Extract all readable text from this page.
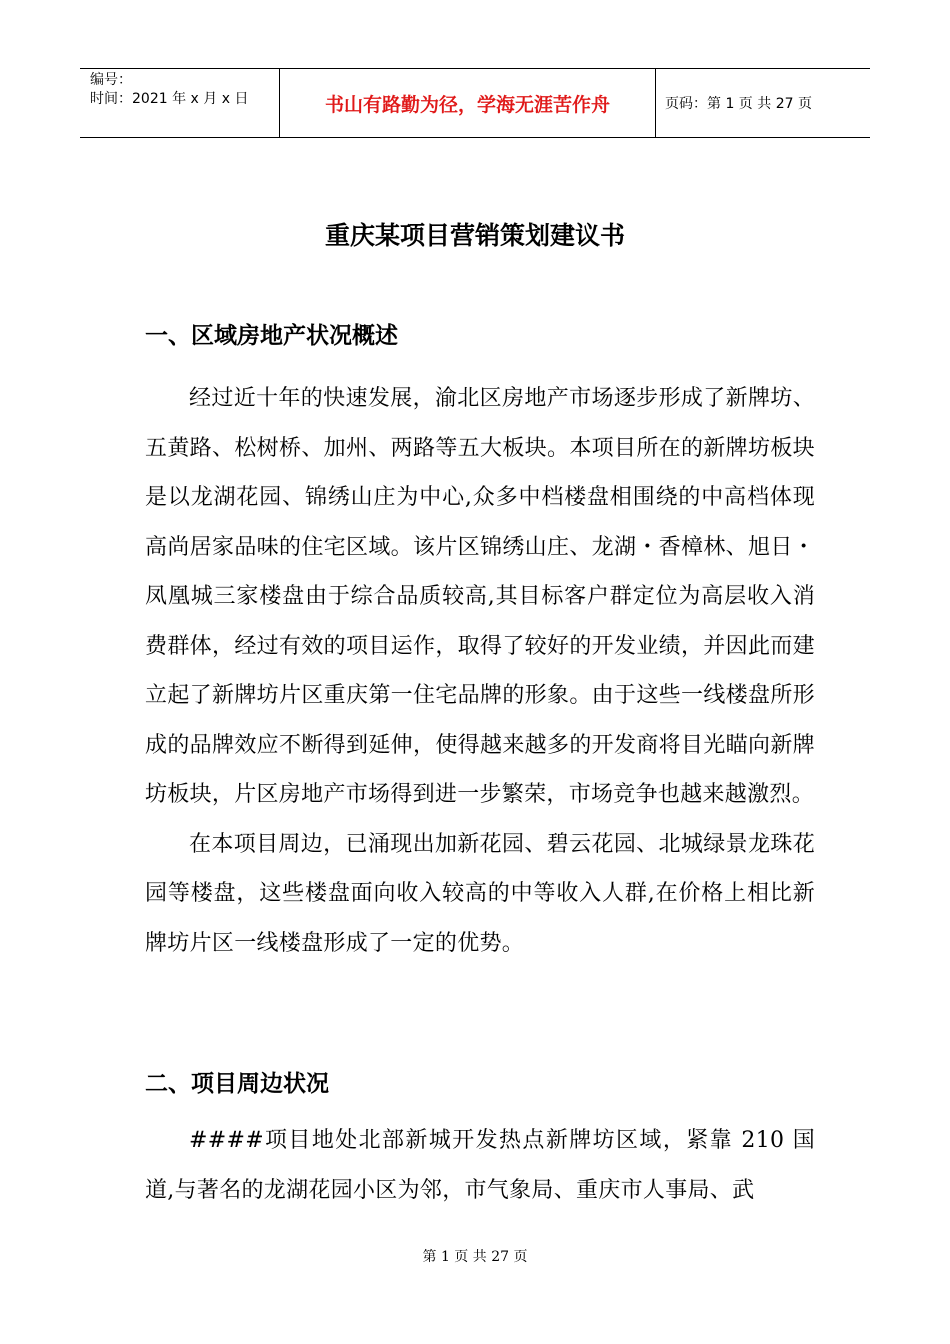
编号：
时间：2021 年 x 月 x 日	书山有路勤为径，学海无涯苦作舟	页码：第 1 页 共 27 页
重庆某项目营销策划建议书
一、区域房地产状况概述

经过近十年的快速发展，渝北区房地产市场逐步形成了新牌坊、五黄路、松树桥、加州、两路等五大板块。本项目所在的新牌坊板块是以龙湖花园、锦绣山庄为中心,众多中档楼盘相围绕的中高档体现高尚居家品味的住宅区域。该片区锦绣山庄、龙湖・香樟林、旭日・凤凰城三家楼盘由于综合品质较高,其目标客户群定位为高层收入消费群体，经过有效的项目运作，取得了较好的开发业绩，并因此而建立起了新牌坊片区重庆第一住宅品牌的形象。由于这些一线楼盘所形成的品牌效应不断得到延伸，使得越来越多的开发商将目光瞄向新牌坊板块，片区房地产市场得到进一步繁荣，市场竞争也越来越激烈。

在本项目周边，已涌现出加新花园、碧云花园、北城绿景龙珠花园等楼盘，这些楼盘面向收入较高的中等收入人群,在价格上相比新牌坊片区一线楼盘形成了一定的优势。

二、项目周边状况

####项目地处北部新城开发热点新牌坊区域，紧靠 210 国道,与著名的龙湖花园小区为邻，市气象局、重庆市人事局、武

第 1 页 共 27 页
